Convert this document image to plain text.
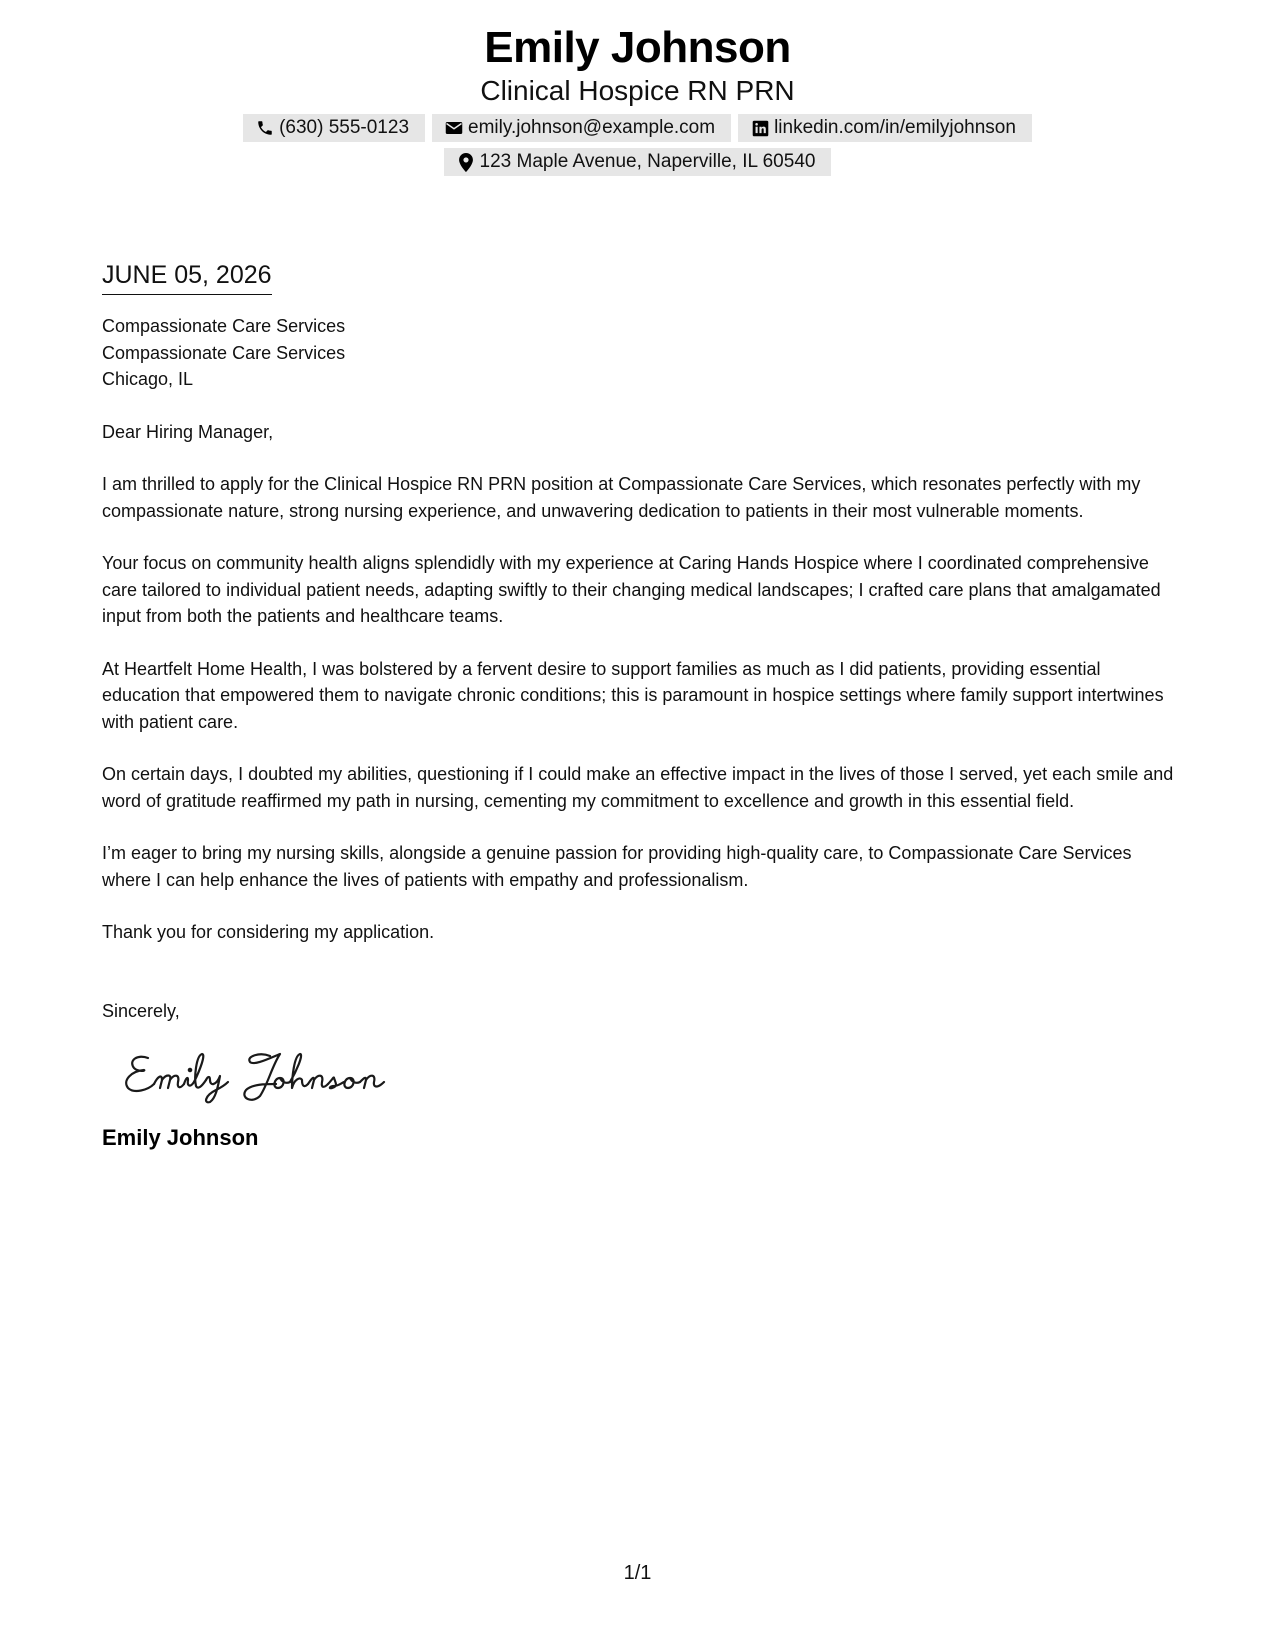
Emily Johnson
Clinical Hospice RN PRN
(630) 555-0123	emily.johnson@example.com	linkedin.com/in/emilyjohnson
123 Maple Avenue, Naperville, IL 60540
JUNE 05, 2026
Compassionate Care Services
Compassionate Care Services
Chicago, IL
Dear Hiring Manager,
I am thrilled to apply for the Clinical Hospice RN PRN position at Compassionate Care Services, which resonates perfectly with my compassionate nature, strong nursing experience, and unwavering dedication to patients in their most vulnerable moments.
Your focus on community health aligns splendidly with my experience at Caring Hands Hospice where I coordinated comprehensive care tailored to individual patient needs, adapting swiftly to their changing medical landscapes; I crafted care plans that amalgamated input from both the patients and healthcare teams.
At Heartfelt Home Health, I was bolstered by a fervent desire to support families as much as I did patients, providing essential education that empowered them to navigate chronic conditions; this is paramount in hospice settings where family support intertwines with patient care.
On certain days, I doubted my abilities, questioning if I could make an effective impact in the lives of those I served, yet each smile and word of gratitude reaffirmed my path in nursing, cementing my commitment to excellence and growth in this essential field.
I’m eager to bring my nursing skills, alongside a genuine passion for providing high-quality care, to Compassionate Care Services where I can help enhance the lives of patients with empathy and professionalism.
Thank you for considering my application.
Sincerely,
Emily Johnson
1/1
